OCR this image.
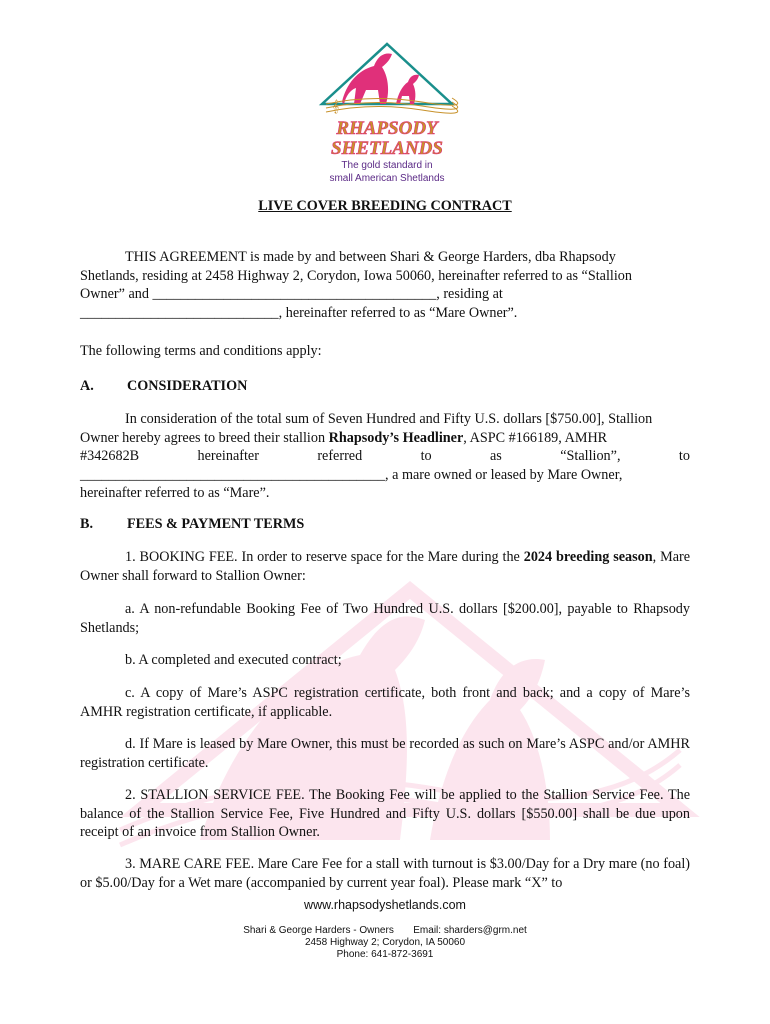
𝄞
RHAPSODY
SHETLANDS
The gold standard in
small American Shetlands
LIVE COVER BREEDING CONTRACT
THIS AGREEMENT is made by and between Shari & George Harders, dba Rhapsody
Shetlands, residing at 2458 Highway 2, Corydon, Iowa 50060, hereinafter referred to as “Stallion
Owner” and ________________________________________, residing at
____________________________, hereinafter referred to as “Mare Owner”.
The following terms and conditions apply:
A. CONSIDERATION
In consideration of the total sum of Seven Hundred and Fifty U.S. dollars [$750.00], Stallion
Owner hereby agrees to breed their stallion Rhapsody’s Headliner, ASPC #166189, AMHR
#342682B	hereinafter	referred	to	as	“Stallion”,	to
___________________________________________, a mare owned or leased by Mare Owner,
hereinafter referred to as “Mare”.
B. FEES & PAYMENT TERMS
1. BOOKING FEE. In order to reserve space for the Mare during the 2024 breeding season, Mare Owner shall forward to Stallion Owner:
a. A non-refundable Booking Fee of Two Hundred U.S. dollars [$200.00], payable to Rhapsody Shetlands;
b. A completed and executed contract;
c. A copy of Mare’s ASPC registration certificate, both front and back; and a copy of Mare’s AMHR registration certificate, if applicable.
d. If Mare is leased by Mare Owner, this must be recorded as such on Mare’s ASPC and/or AMHR registration certificate.
2. STALLION SERVICE FEE. The Booking Fee will be applied to the Stallion Service Fee. The balance of the Stallion Service Fee, Five Hundred and Fifty U.S. dollars [$550.00] shall be due upon receipt of an invoice from Stallion Owner.
3. MARE CARE FEE. Mare Care Fee for a stall with turnout is $3.00/Day for a Dry mare (no foal) or $5.00/Day for a Wet mare (accompanied by current year foal). Please mark “X” to
www.rhapsodyshetlands.com
Shari & George Harders - Owners       Email: sharders@grm.net
2458 Highway 2; Corydon, IA 50060
Phone: 641-872-3691
